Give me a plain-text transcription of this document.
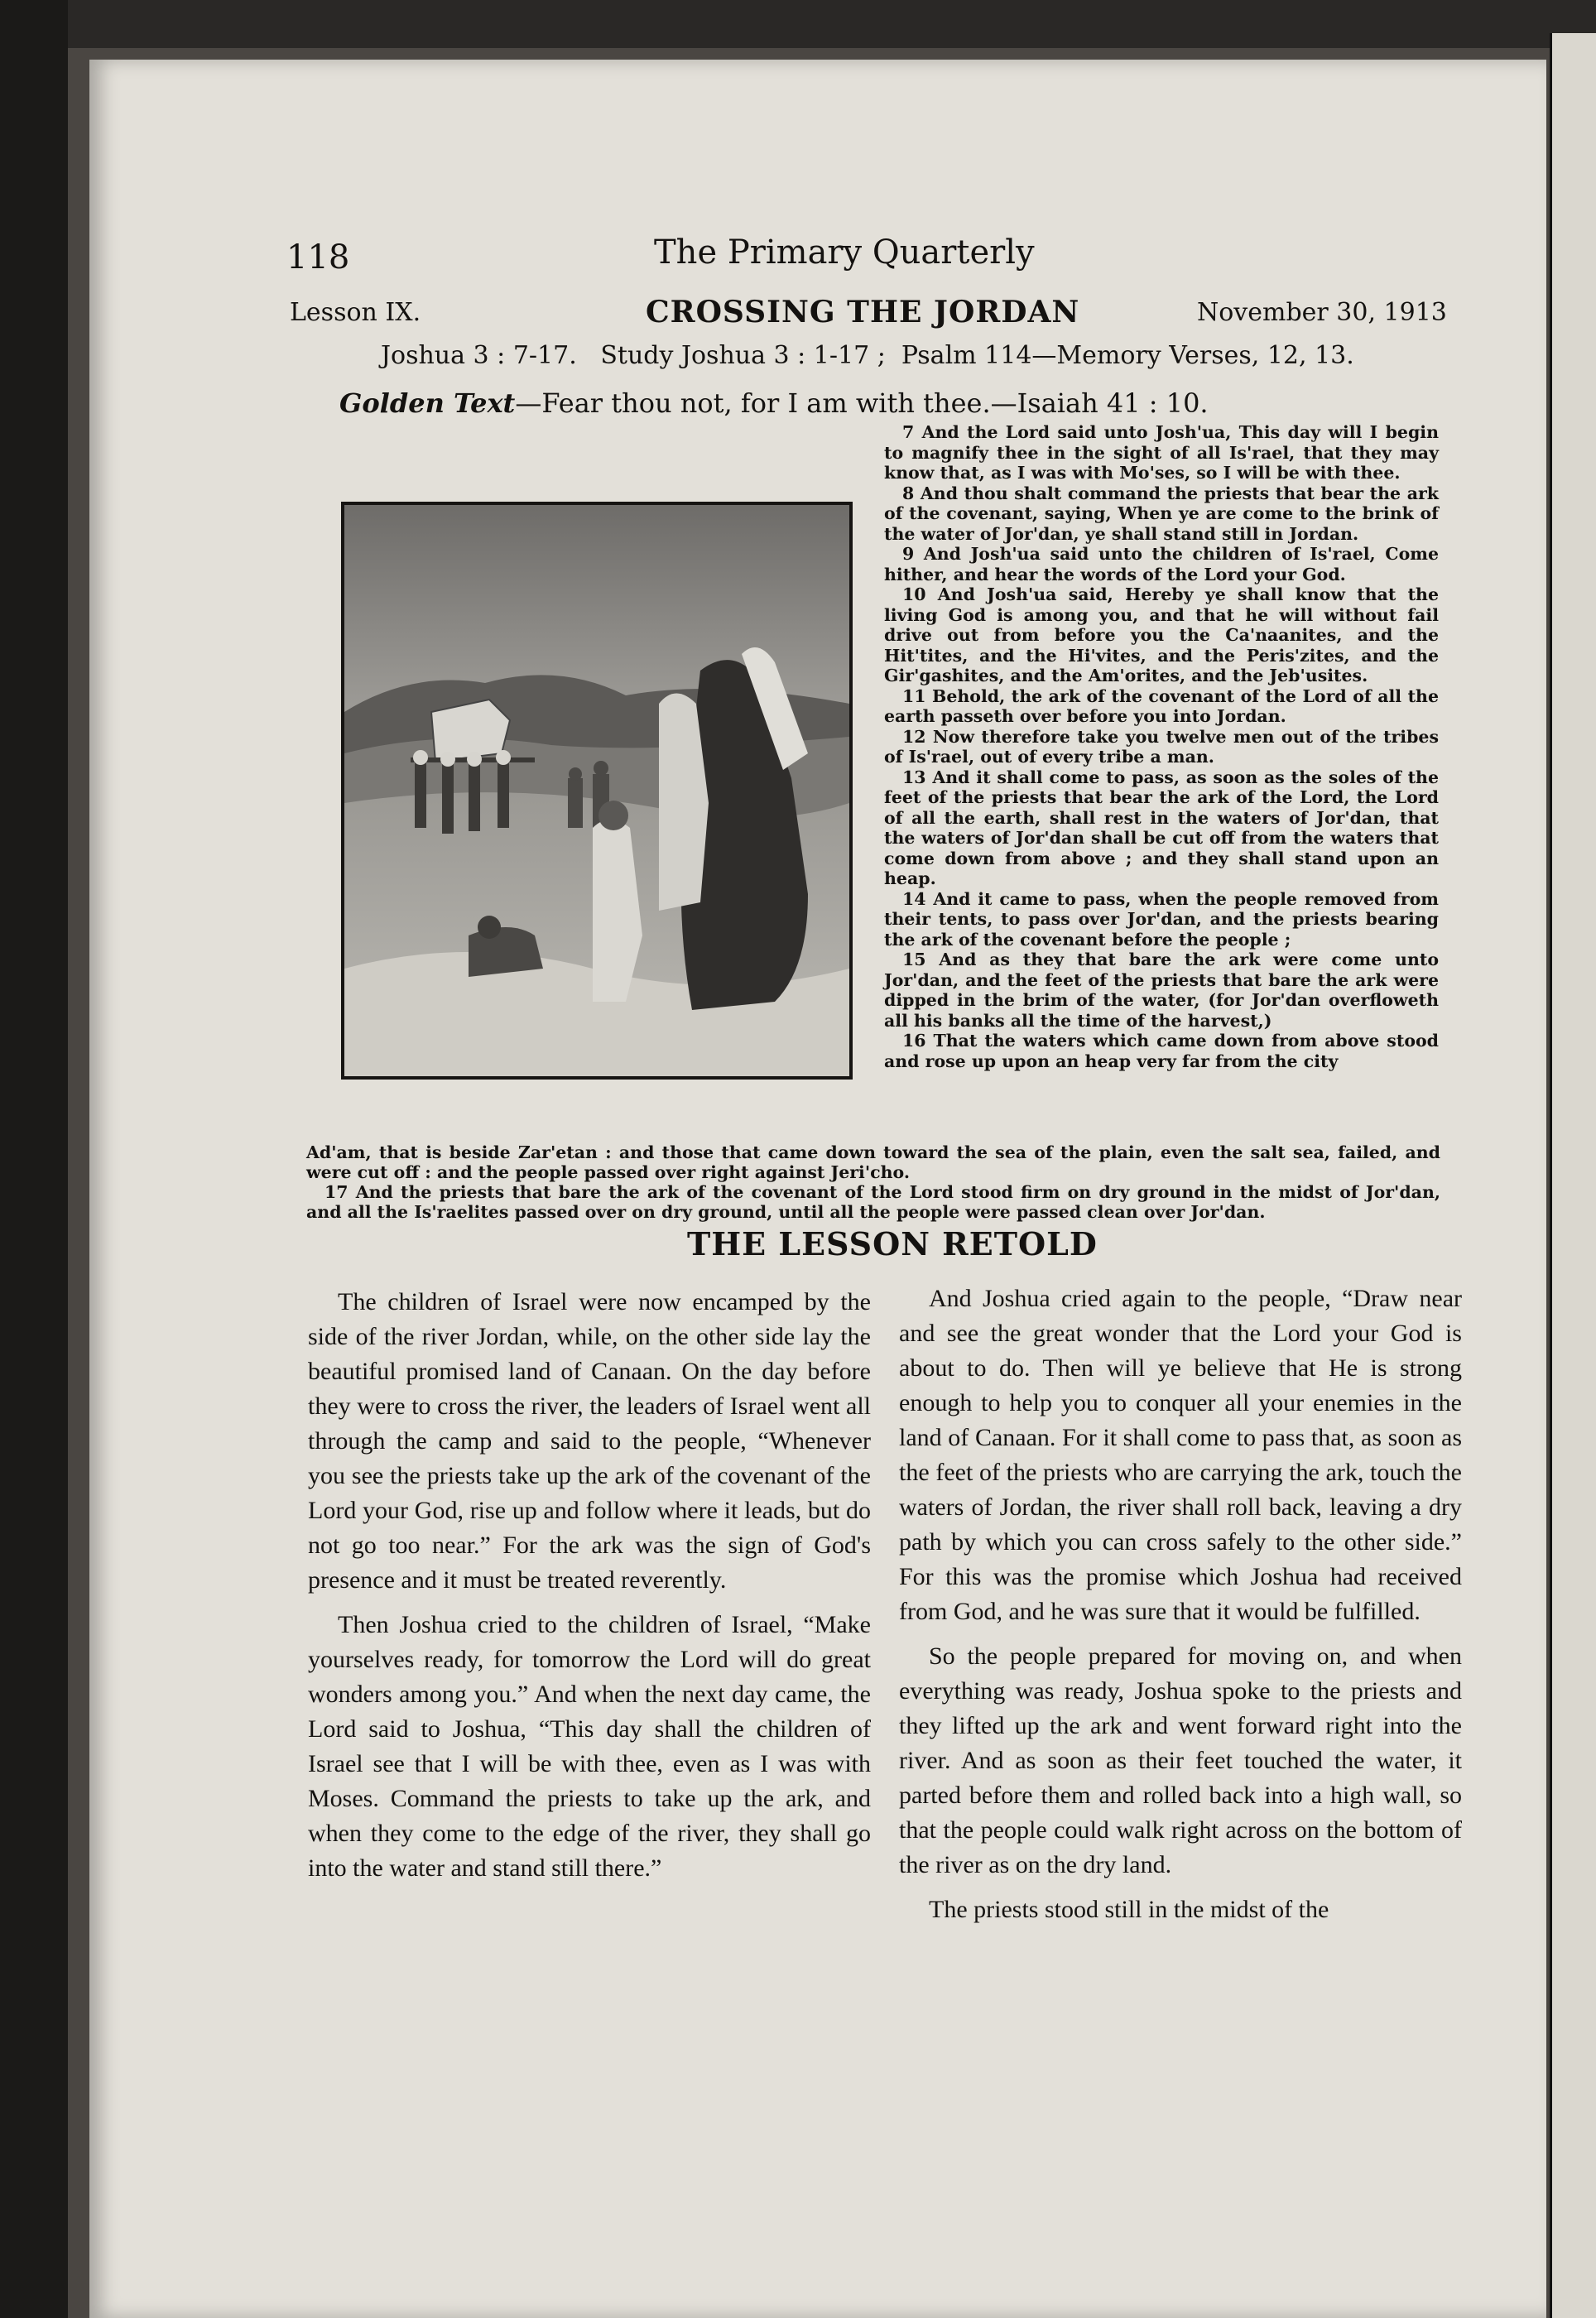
118	The Primary Quarterly
Lesson IX.	CROSSING THE JORDAN	November 30, 1913
Joshua 3 : 7-17.   Study Joshua 3 : 1-17 ;  Psalm 114—Memory Verses, 12, 13.
Golden Text—Fear thou not, for I am with thee.—Isaiah 41 : 10.

7 And the Lord said unto Josh'ua, This day will I begin to magnify thee in the sight of all Is'rael, that they may know that, as I was with Mo'ses, so I will be with thee.

8 And thou shalt command the priests that bear the ark of the covenant, saying, When ye are come to the brink of the water of Jor'dan, ye shall stand still in Jordan.

9 And Josh'ua said unto the children of Is'rael, Come hither, and hear the words of the Lord your God.

10 And Josh'ua said, Hereby ye shall know that the living God is among you, and that he will without fail drive out from before you the Ca'naanites, and the Hit'tites, and the Hi'vites, and the Peris'zites, and the Gir'gashites, and the Am'orites, and the Jeb'usites.

11 Behold, the ark of the covenant of the Lord of all the earth passeth over before you into Jordan.

12 Now therefore take you twelve men out of the tribes of Is'rael, out of every tribe a man.

13 And it shall come to pass, as soon as the soles of the feet of the priests that bear the ark of the Lord, the Lord of all the earth, shall rest in the waters of Jor'dan, that the waters of Jor'dan shall be cut off from the waters that come down from above ; and they shall stand upon an heap.

14 And it came to pass, when the people removed from their tents, to pass over Jor'dan, and the priests bearing the ark of the covenant before the people ;

15 And as they that bare the ark were come unto Jor'dan, and the feet of the priests that bare the ark were dipped in the brim of the water, (for Jor'dan overfloweth all his banks all the time of the harvest,)

16 That the waters which came down from above stood and rose up upon an heap very far from the city

Ad'am, that is beside Zar'etan : and those that came down toward the sea of the plain, even the salt sea, failed, and were cut off : and the people passed over right against Jeri'cho.

17 And the priests that bare the ark of the covenant of the Lord stood firm on dry ground in the midst of Jor'dan, and all the Is'raelites passed over on dry ground, until all the people were passed clean over Jor'dan.

THE LESSON RETOLD

The children of Israel were now encamped by the side of the river Jordan, while, on the other side lay the beautiful promised land of Canaan. On the day before they were to cross the river, the leaders of Israel went all through the camp and said to the people, “Whenever you see the priests take up the ark of the covenant of the Lord your God, rise up and follow where it leads, but do not go too near.” For the ark was the sign of God's presence and it must be treated reverently.

Then Joshua cried to the children of Israel, “Make yourselves ready, for tomorrow the Lord will do great wonders among you.” And when the next day came, the Lord said to Joshua, “This day shall the children of Israel see that I will be with thee, even as I was with Moses. Command the priests to take up the ark, and when they come to the edge of the river, they shall go into the water and stand still there.”

And Joshua cried again to the people, “Draw near and see the great wonder that the Lord your God is about to do. Then will ye believe that He is strong enough to help you to conquer all your enemies in the land of Canaan. For it shall come to pass that, as soon as the feet of the priests who are carrying the ark, touch the waters of Jordan, the river shall roll back, leaving a dry path by which you can cross safely to the other side.” For this was the promise which Joshua had received from God, and he was sure that it would be fulfilled.

So the people prepared for moving on, and when everything was ready, Joshua spoke to the priests and they lifted up the ark and went forward right into the river. And as soon as their feet touched the water, it parted before them and rolled back into a high wall, so that the people could walk right across on the bottom of the river as on the dry land.

The priests stood still in the midst of the
